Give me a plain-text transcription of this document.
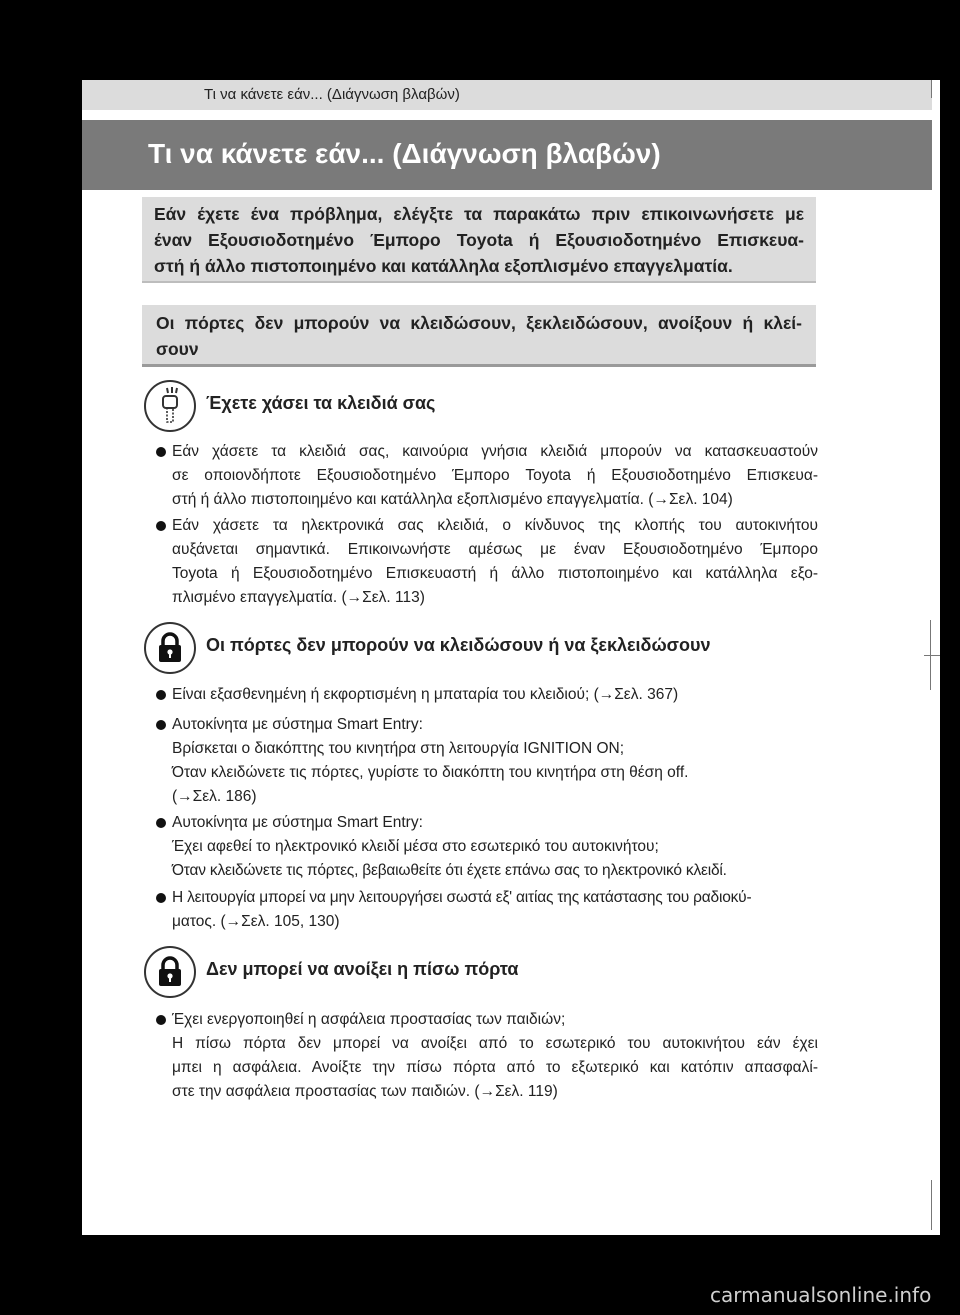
Τι να κάνετε εάν... (Διάγνωση βλαβών)
Τι να κάνετε εάν... (Διάγνωση βλαβών)
Εάν έχετε ένα πρόβλημα, ελέγξτε τα παρακάτω πριν επικοινωνήσετε με
έναν Εξουσιοδοτημένο Έμπορο Toyota ή Εξουσιοδοτημένο Επισκευα-
στή ή άλλο πιστοποιημένο και κατάλληλα εξοπλισμένο επαγγελματία.
Οι πόρτες δεν μπορούν να κλειδώσουν, ξεκλειδώσουν, ανοίξουν ή κλεί-
σουν
Έχετε χάσει τα κλειδιά σας
Εάν χάσετε τα κλειδιά σας, καινούρια γνήσια κλειδιά μπορούν να κατασκευαστούν
σε οποιονδήποτε Εξουσιοδοτημένο Έμπορο Toyota ή Εξουσιοδοτημένο Επισκευα-
στή ή άλλο πιστοποιημένο και κατάλληλα εξοπλισμένο επαγγελματία. (→Σελ. 104)
Εάν χάσετε τα ηλεκτρονικά σας κλειδιά, ο κίνδυνος της κλοπής του αυτοκινήτου
αυξάνεται σημαντικά. Επικοινωνήστε αμέσως με έναν Εξουσιοδοτημένο Έμπορο
Toyota ή Εξουσιοδοτημένο Επισκευαστή ή άλλο πιστοποιημένο και κατάλληλα εξο-
πλισμένο επαγγελματία. (→Σελ. 113)
Οι πόρτες δεν μπορούν να κλειδώσουν ή να ξεκλειδώσουν
Είναι εξασθενημένη ή εκφορτισμένη η μπαταρία του κλειδιού; (→Σελ. 367)
Αυτοκίνητα με σύστημα Smart Entry:
Βρίσκεται ο διακόπτης του κινητήρα στη λειτουργία IGNITION ON;
Όταν κλειδώνετε τις πόρτες, γυρίστε το διακόπτη του κινητήρα στη θέση off.
(→Σελ. 186)
Αυτοκίνητα με σύστημα Smart Entry:
Έχει αφεθεί το ηλεκτρονικό κλειδί μέσα στο εσωτερικό του αυτοκινήτου;
Όταν κλειδώνετε τις πόρτες, βεβαιωθείτε ότι έχετε επάνω σας το ηλεκτρονικό κλειδί.
Η λειτουργία μπορεί να μην λειτουργήσει σωστά εξ' αιτίας της κατάστασης του ραδιοκύ-
ματος. (→Σελ. 105, 130)
Δεν μπορεί να ανοίξει η πίσω πόρτα
Έχει ενεργοποιηθεί η ασφάλεια προστασίας των παιδιών;
Η πίσω πόρτα δεν μπορεί να ανοίξει από το εσωτερικό του αυτοκινήτου εάν έχει
μπει η ασφάλεια. Ανοίξτε την πίσω πόρτα από το εξωτερικό και κατόπιν απασφαλί-
στε την ασφάλεια προστασίας των παιδιών. (→Σελ. 119)
carmanualsonline.info
